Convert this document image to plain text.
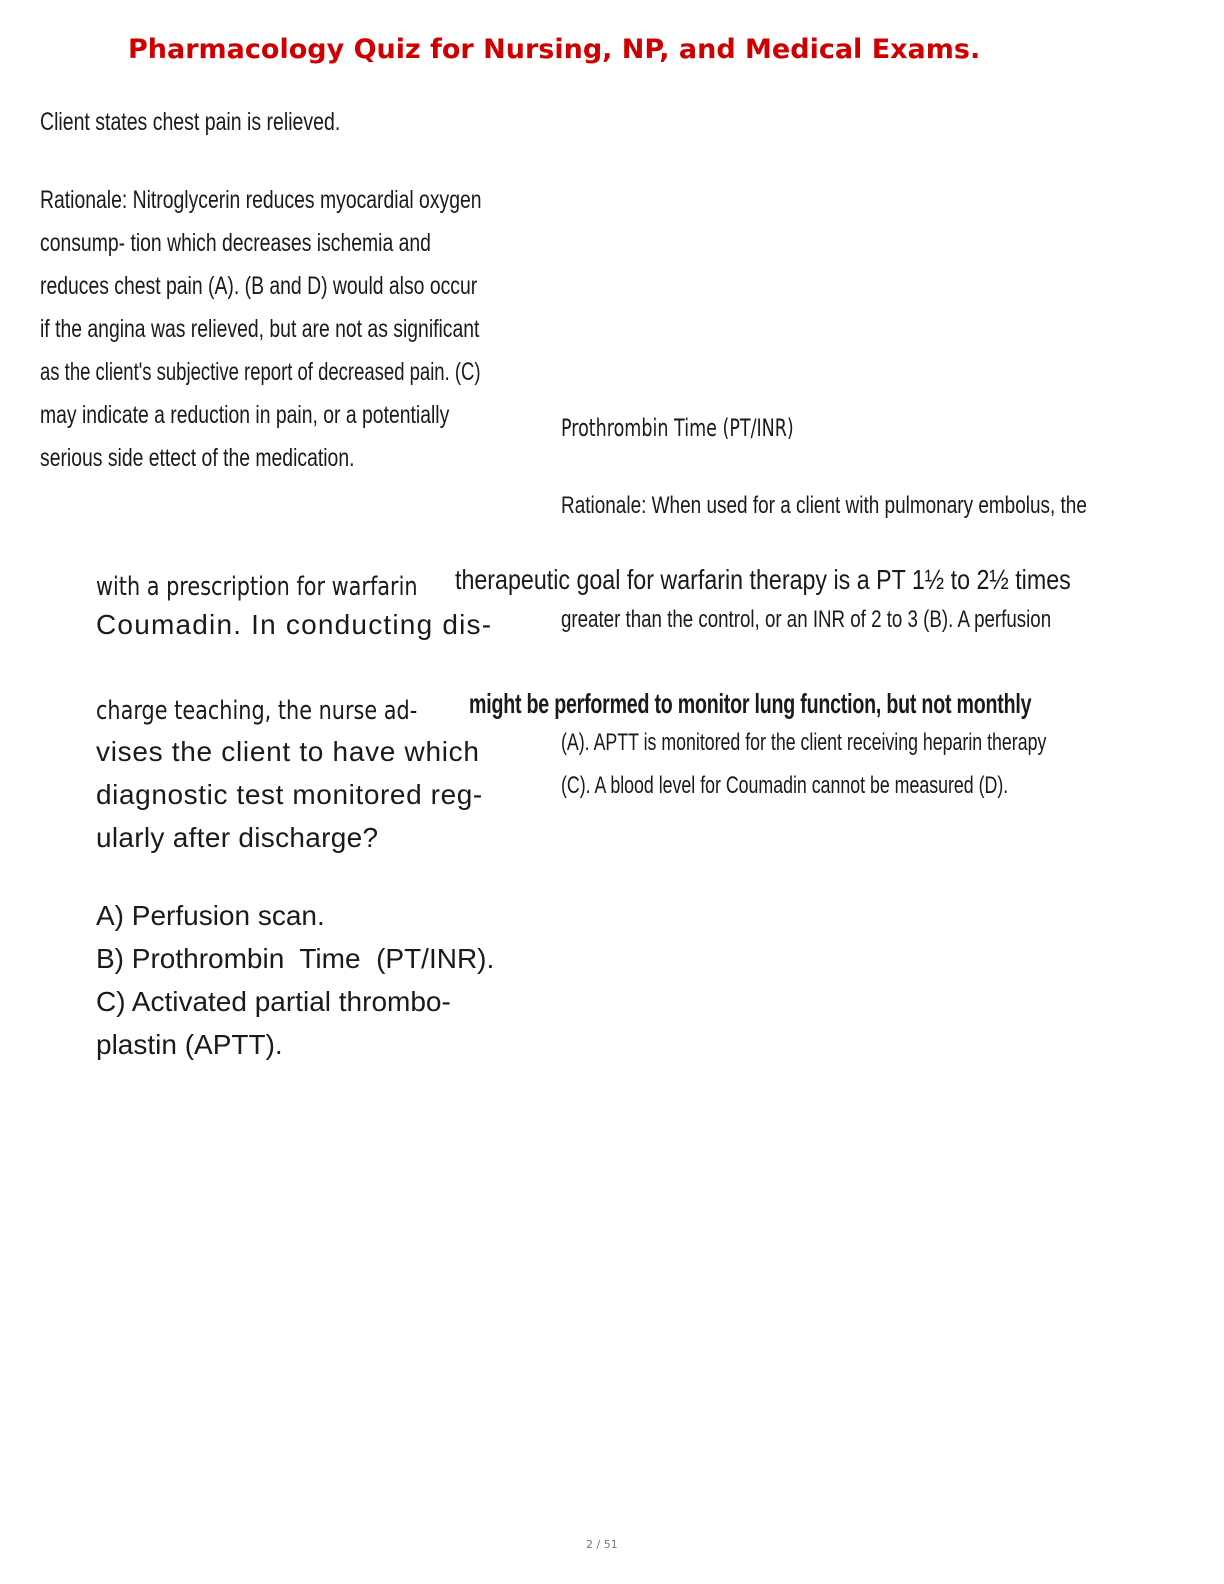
Pharmacology Quiz for Nursing, NP, and Medical Exams.
Client states chest pain is relieved.
Rationale: Nitroglycerin reduces myocardial oxygen
consump- tion which decreases ischemia and
reduces chest pain (A). (B and D) would also occur
if the angina was relieved, but are not as significant
as the client's subjective report of decreased pain. (C)
may indicate a reduction in pain, or a potentially
serious side ettect of the medication.
Prothrombin Time (PT/INR)
Rationale: When used for a client with pulmonary embolus, the
therapeutic goal for warfarin therapy is a PT 1½ to 2½ times
greater than the control, or an INR of 2 to 3 (B). A perfusion
might be performed to monitor lung function, but not monthly
(A). APTT is monitored for the client receiving heparin therapy
(C). A blood level for Coumadin cannot be measured (D).
with a prescription for warfarin
Coumadin. In conducting dis-
charge teaching, the nurse ad-
vises the client to have which
diagnostic test monitored reg-
ularly after discharge?
A) Perfusion scan.
B) Prothrombin  Time  (PT/INR).
C) Activated partial thrombo-
plastin (APTT).
2 / 51
